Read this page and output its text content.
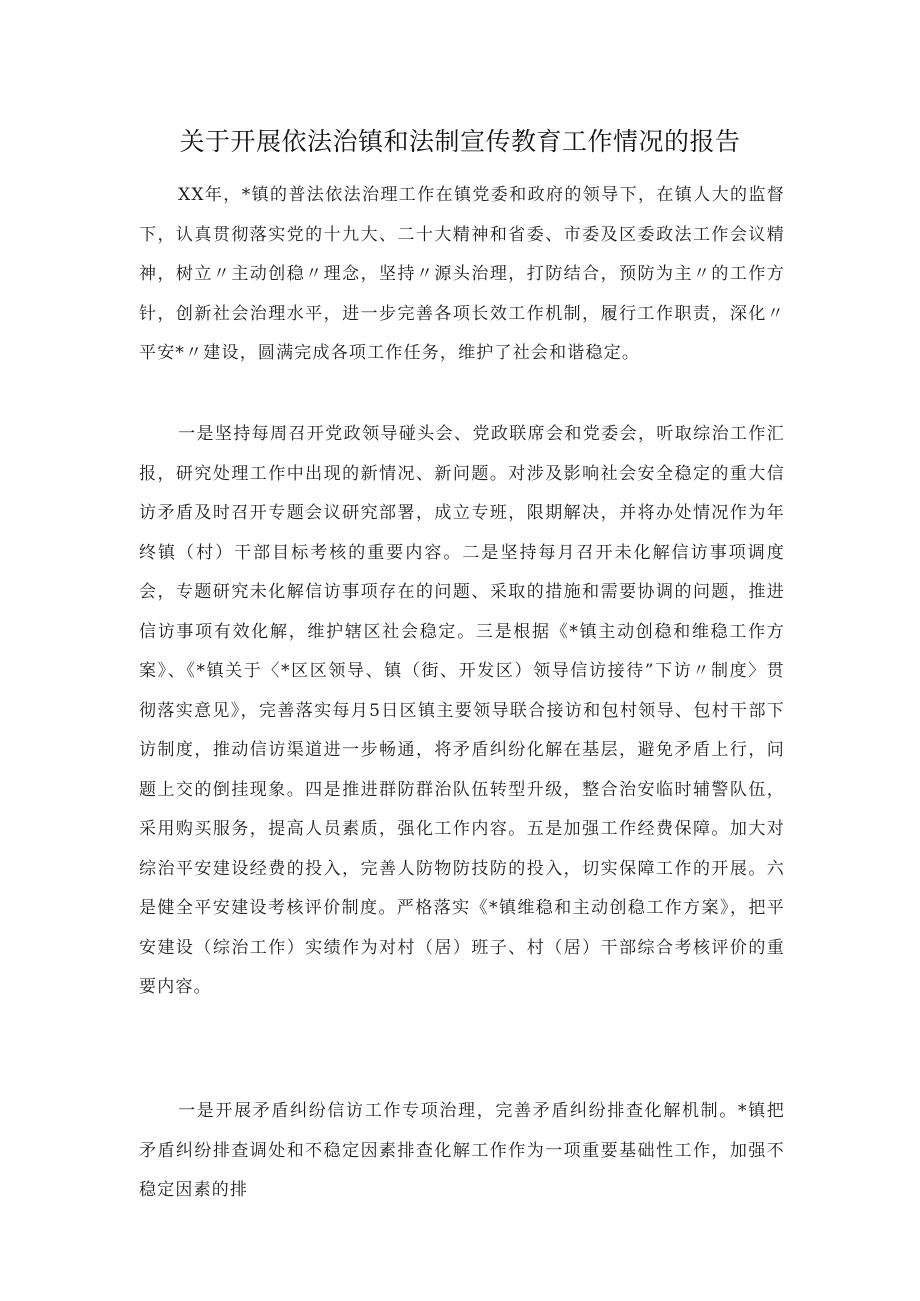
关于开展依法治镇和法制宣传教育工作情况的报告

XX年，*镇的普法依法治理工作在镇党委和政府的领导下，在镇人大的监督下，认真贯彻落实党的十九大、二十大精神和省委、市委及区委政法工作会议精神，树立〃主动创稳〃理念，坚持〃源头治理，打防结合，预防为主〃的工作方针，创新社会治理水平，进一步完善各项长效工作机制，履行工作职责，深化〃平安*〃建设，圆满完成各项工作任务，维护了社会和谐稳定。

一是坚持每周召开党政领导碰头会、党政联席会和党委会，听取综治工作汇报，研究处理工作中出现的新情况、新问题。对涉及影响社会安全稳定的重大信访矛盾及时召开专题会议研究部署，成立专班，限期解决，并将办处情况作为年终镇（村）干部目标考核的重要内容。二是坚持每月召开未化解信访事项调度会，专题研究未化解信访事项存在的问题、采取的措施和需要协调的问题，推进信访事项有效化解，维护辖区社会稳定。三是根据《*镇主动创稳和维稳工作方案》、《*镇关于〈*区区领导、镇（街、开发区）领导信访接待”下访〃制度〉贯彻落实意见》，完善落实每月5日区镇主要领导联合接访和包村领导、包村干部下访制度，推动信访渠道进一步畅通，将矛盾纠纷化解在基层，避免矛盾上行，问题上交的倒挂现象。四是推进群防群治队伍转型升级，整合治安临时辅警队伍，采用购买服务，提高人员素质，强化工作内容。五是加强工作经费保障。加大对综治平安建设经费的投入，完善人防物防技防的投入，切实保障工作的开展。六是健全平安建设考核评价制度。严格落实《*镇维稳和主动创稳工作方案》，把平安建设（综治工作）实绩作为对村（居）班子、村（居）干部综合考核评价的重要内容。

一是开展矛盾纠纷信访工作专项治理，完善矛盾纠纷排查化解机制。*镇把矛盾纠纷排查调处和不稳定因素排查化解工作作为一项重要基础性工作，加强不稳定因素的排
